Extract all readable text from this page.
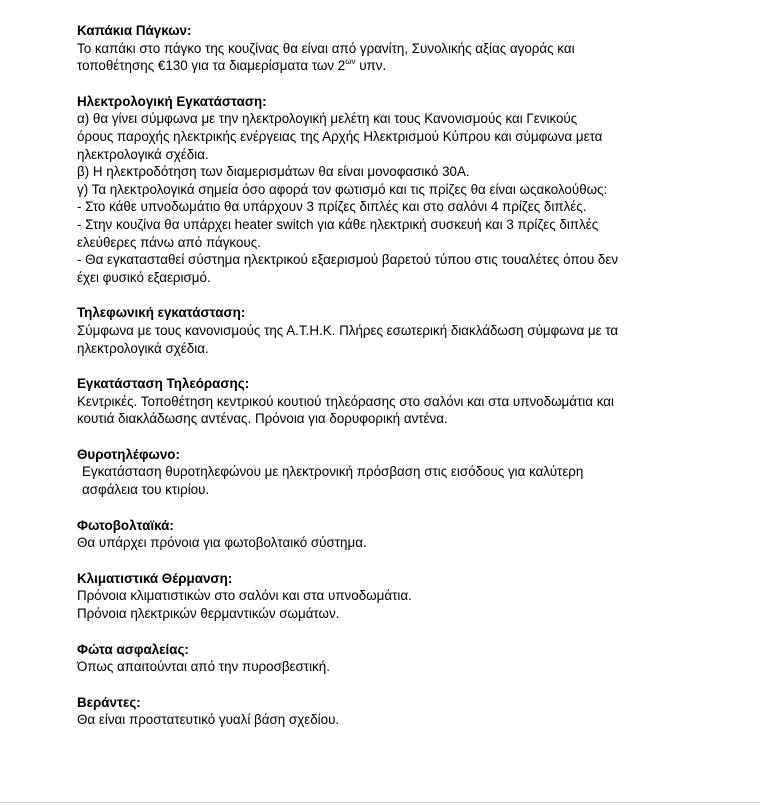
Καπάκια Πάγκων:
Το καπάκι στο πάγκο της κουζίνας θα είναι από γρανίτη, Συνολικής αξίας αγοράς και
τοποθέτησης €130 για τα διαμερίσματα των $2^{\omega\nu}$ υπν.
Ηλεκτρολογική Εγκατάσταση:
α) θα γίνει σύμφωνα με την ηλεκτρολογική μελέτη και τους Κανονισμούς και Γενικούς
όρους παροχής ηλεκτρικής ενέργειας της Αρχής Ηλεκτρισμού Κύπρου και σύμφωνα μετα
ηλεκτρολογικά σχέδια.
β) Η ηλεκτροδότηση των διαμερισμάτων θα είναι μονοφασικό 30Α.
γ) Τα ηλεκτρολογικά σημεία όσο αφορά τον φωτισμό και τις πρίζες θα είναι ωςακολούθως:
- Στο κάθε υπνοδωμάτιο θα υπάρχουν 3 πρίζες διπλές και στο σαλόνι 4 πρίζες διπλές.
- Στην κουζίνα θα υπάρχει heater switch για κάθε ηλεκτρική συσκευή και 3 πρίζες διπλές
ελεύθερες πάνω από πάγκους.
- Θα εγκατασταθεί σύστημα ηλεκτρικού εξαερισμού βαρετού τύπου στις τουαλέτες όπου δεν
έχει φυσικό εξαερισμό.
Τηλεφωνική εγκατάσταση:
Σύμφωνα με τους κανονισμούς της Α.Τ.Η.Κ. Πλήρες εσωτερική διακλάδωση σύμφωνα με τα
ηλεκτρολογικά σχέδια.
Εγκατάσταση Τηλεόρασης:
Κεντρικές. Τοποθέτηση κεντρικού κουτιού τηλεόρασης στο σαλόνι και στα υπνοδωμάτια και
κουτιά διακλάδωσης αντένας. Πρόνοια για δορυφορική αντένα.
Θυροτηλέφωνο:
Εγκατάσταση θυροτηλεφώνου με ηλεκτρονική πρόσβαση στις εισόδους για καλύτερη
ασφάλεια του κτιρίου.
Φωτοβολταϊκά:
Θα υπάρχει πρόνοια για φωτοβολταικό σύστημα.
Κλιματιστικά Θέρμανση:
Πρόνοια κλιματιστικών στο σαλόνι και στα υπνοδωμάτια.
Πρόνοια ηλεκτρικών θερμαντικών σωμάτων.
Φώτα ασφαλείας:
Όπως απαιτούνται από την πυροσβεστική.
Βεράντες:
Θα είναι προστατευτικό γυαλί βάση σχεδίου.
